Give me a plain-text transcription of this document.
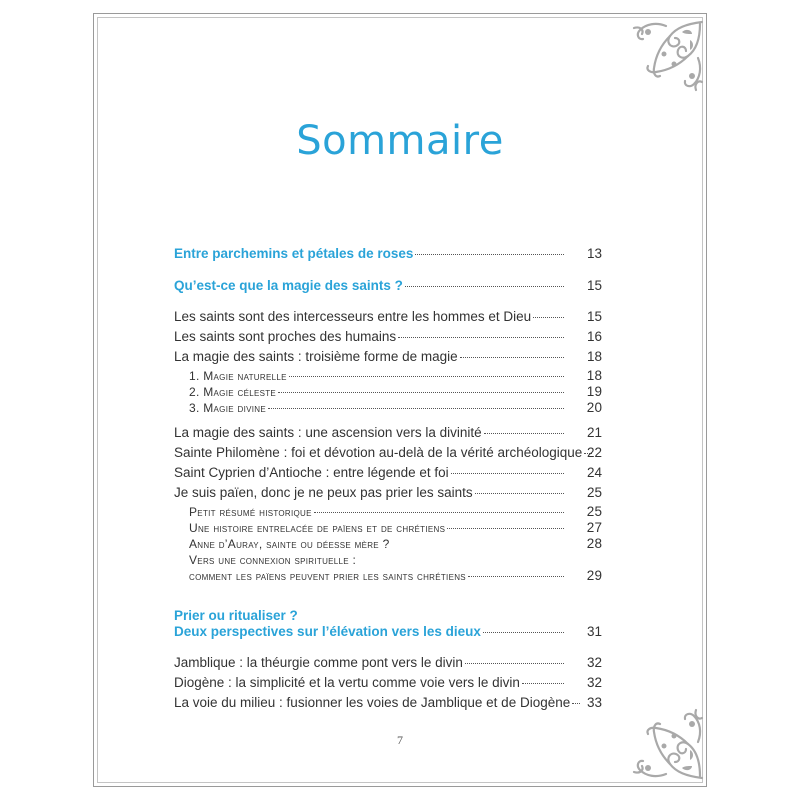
Sommaire
Entre parchemins et pétales de roses	13
Qu’est-ce que la magie des saints ?	15
Les saints sont des intercesseurs entre les hommes et Dieu	15
Les saints sont proches des humains	16
La magie des saints : troisième forme de magie	18
1. Magie naturelle	18
2. Magie céleste	19
3. Magie divine	20
La magie des saints : une ascension vers la divinité	21
Sainte Philomène : foi et dévotion au-delà de la vérité archéologique 22
Saint Cyprien d’Antioche : entre légende et foi	24
Je suis païen, donc je ne peux pas prier les saints	25
Petit résumé historique	25
Une histoire entrelacée de païens et de chrétiens	27
Anne d’Auray, sainte ou déesse mère ?	28
Vers une connexion spirituelle :
comment les païens peuvent prier les saints chrétiens	29
Prier ou ritualiser ?
Deux perspectives sur l’élévation vers les dieux	31
Jamblique : la théurgie comme pont vers le divin	32
Diogène : la simplicité et la vertu comme voie vers le divin	32
La voie du milieu : fusionner les voies de Jamblique et de Diogène	33
7
